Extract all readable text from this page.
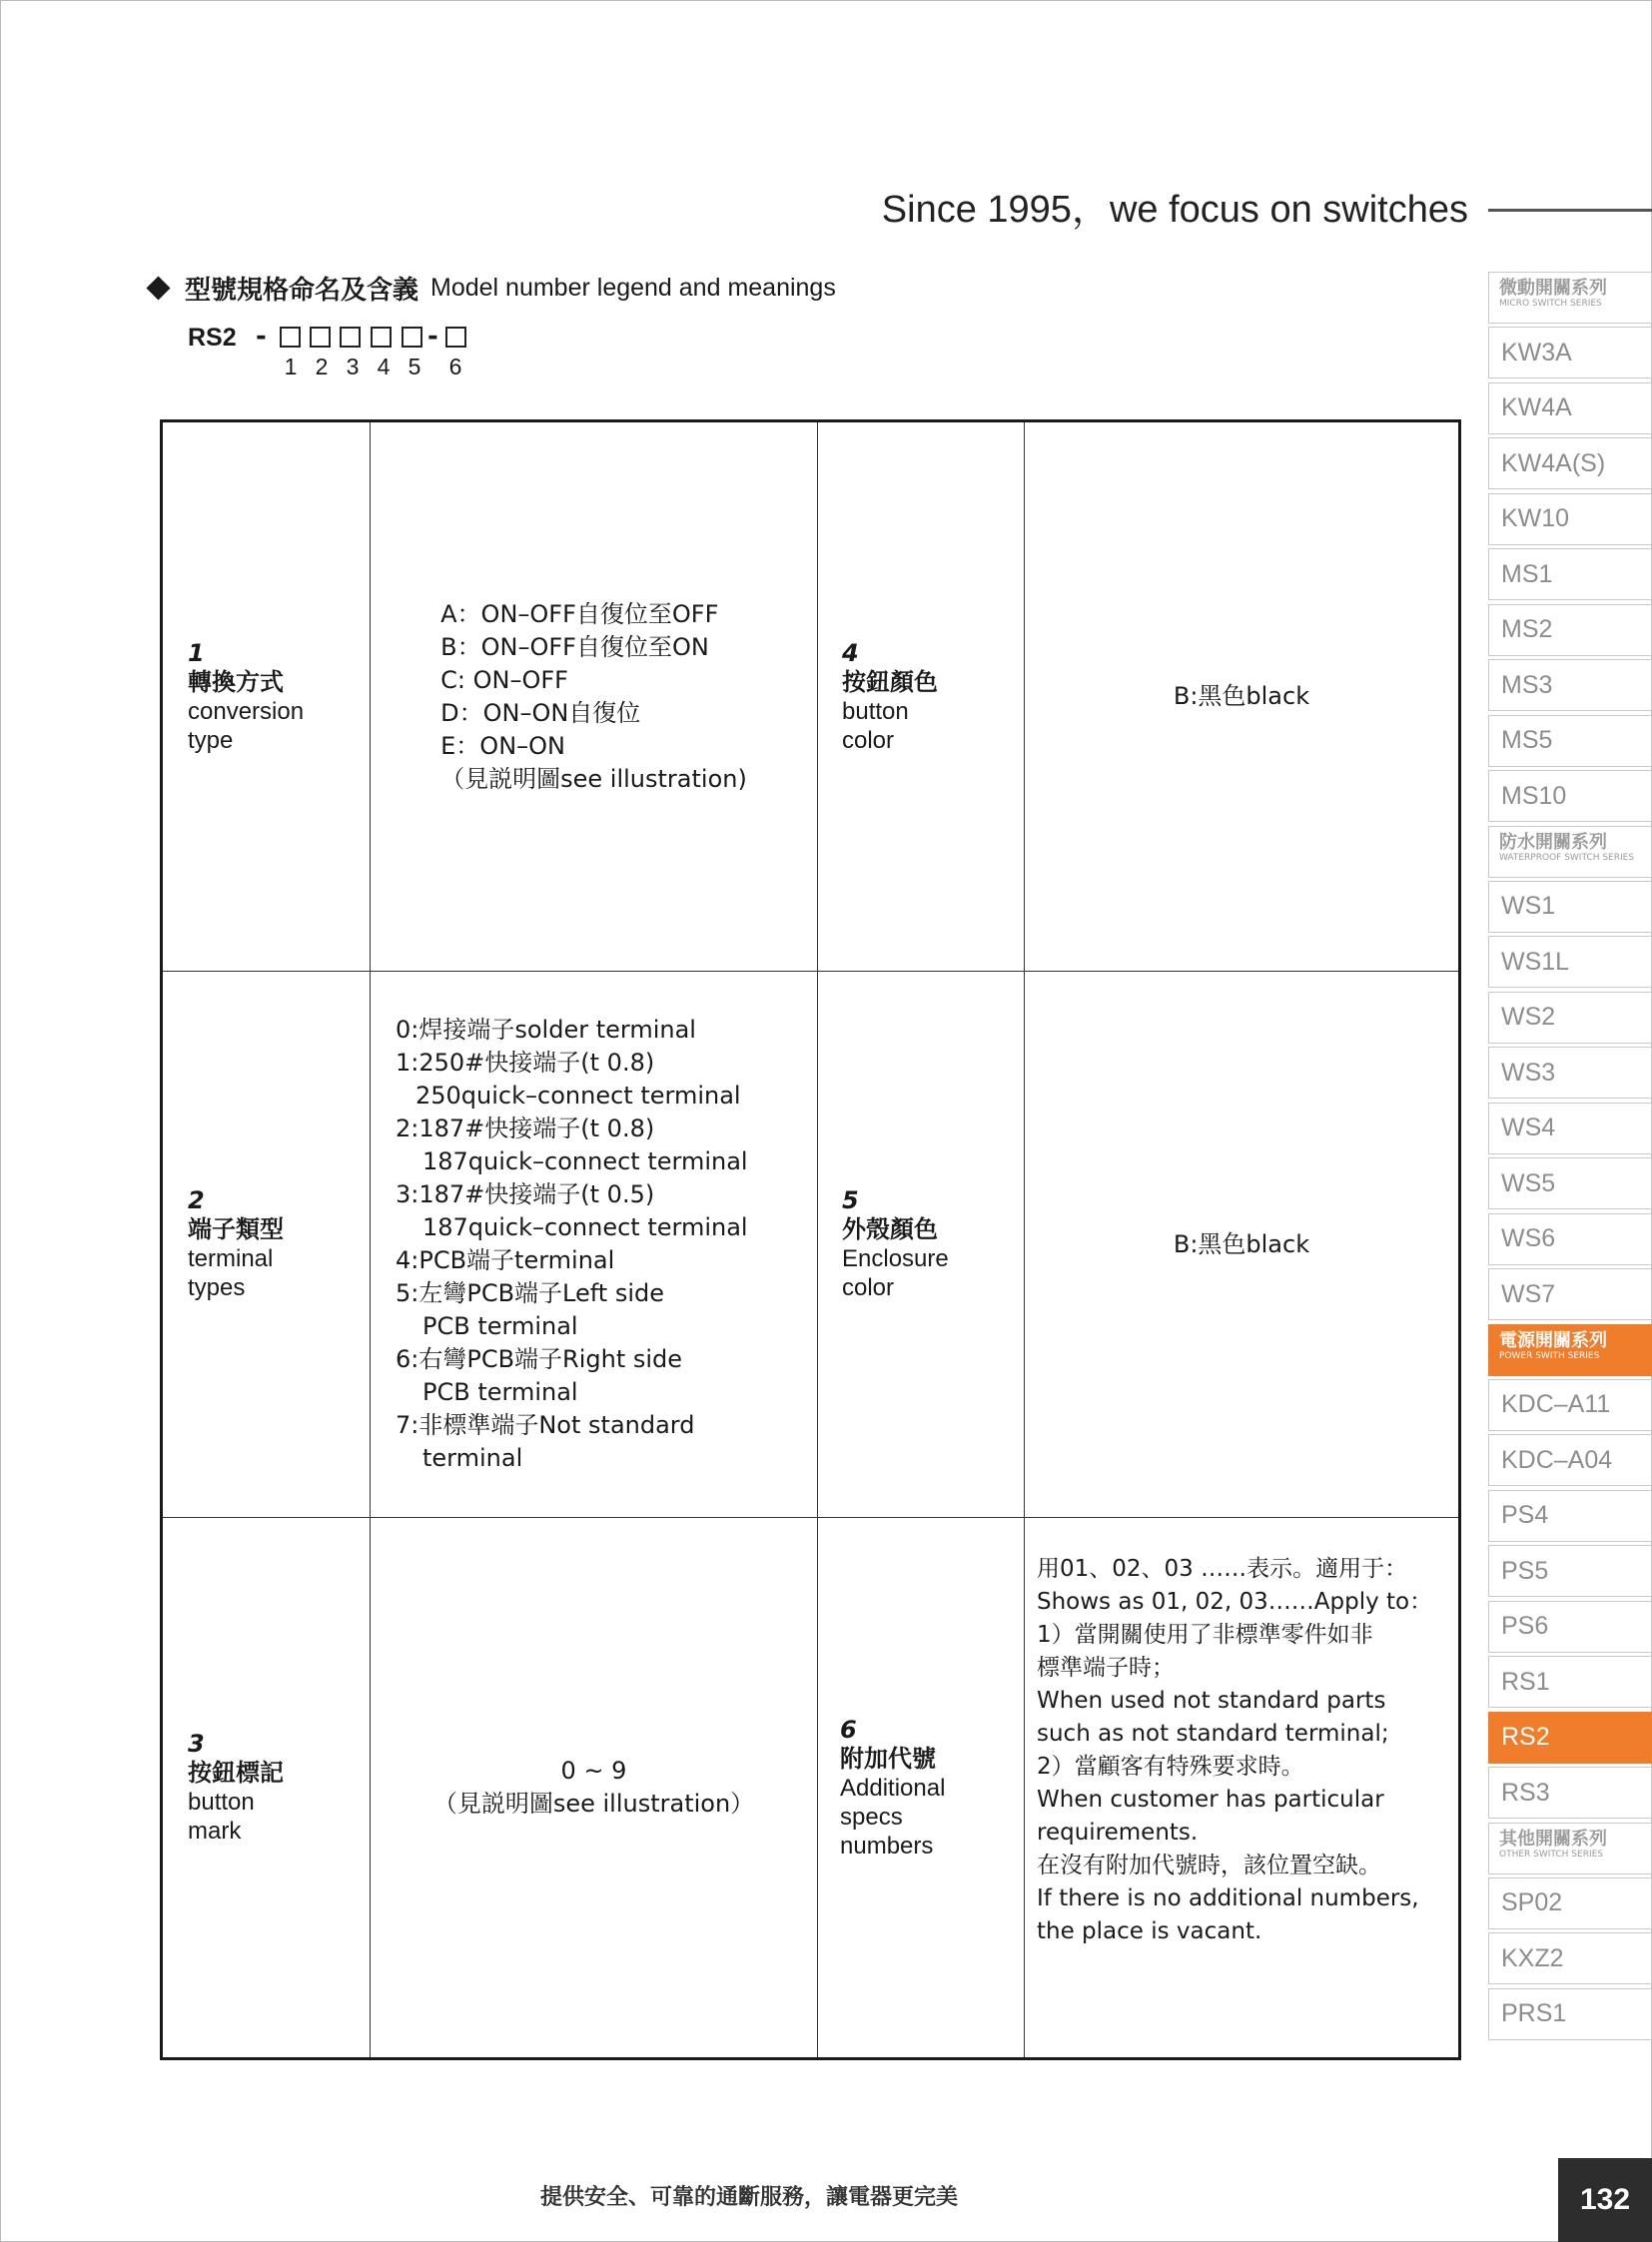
Since 1995，we focus on switches
型號規格命名及含義 Model number legend and meanings
RS2 -	-
1 2 3 4 5 6
1
轉換方式
conversion
type
A：ON–OFF自復位至OFF
B：ON–OFF自復位至ON
C: ON–OFF
D：ON–ON自復位
E：ON–ON
（見説明圖see illustration)
4
按鈕顏色
button
color
B:黑色black
2
端子類型
terminal
types
0:焊接端子solder terminal
1:250#快接端子(t 0.8)
250quick–connect terminal
2:187#快接端子(t 0.8)
187quick–connect terminal
3:187#快接端子(t 0.5)
187quick–connect terminal
4:PCB端子terminal
5:左彎PCB端子Left side
PCB terminal
6:右彎PCB端子Right side
PCB terminal
7:非標準端子Not standard
terminal
5
外殼顏色
Enclosure
color
B:黑色black
3
按鈕標記
button
mark
0 ~ 9
（見説明圖see illustration）
6
附加代號
Additional
specs
numbers
用01、02、03 ……表示。適用于：
Shows as 01, 02, 03……Apply to：
1）當開關使用了非標準零件如非
標準端子時；
When used not standard parts
such as not standard terminal;
2）當顧客有特殊要求時。
When customer has particular
requirements.
在沒有附加代號時，該位置空缺。
If there is no additional numbers,
the place is vacant.
微動開關系列
MICRO SWITCH SERIES
KW3A
KW4A
KW4A(S)
KW10
MS1
MS2
MS3
MS5
MS10
防水開關系列
WATERPROOF SWITCH SERIES
WS1
WS1L
WS2
WS3
WS4
WS5
WS6
WS7
電源開關系列
POWER SWITH SERIES
KDC–A11
KDC–A04
PS4
PS5
PS6
RS1
RS2
RS3
其他開關系列
OTHER SWITCH SERIES
SP02
KXZ2
PRS1
提供安全、可靠的通斷服務，讓電器更完美	132
